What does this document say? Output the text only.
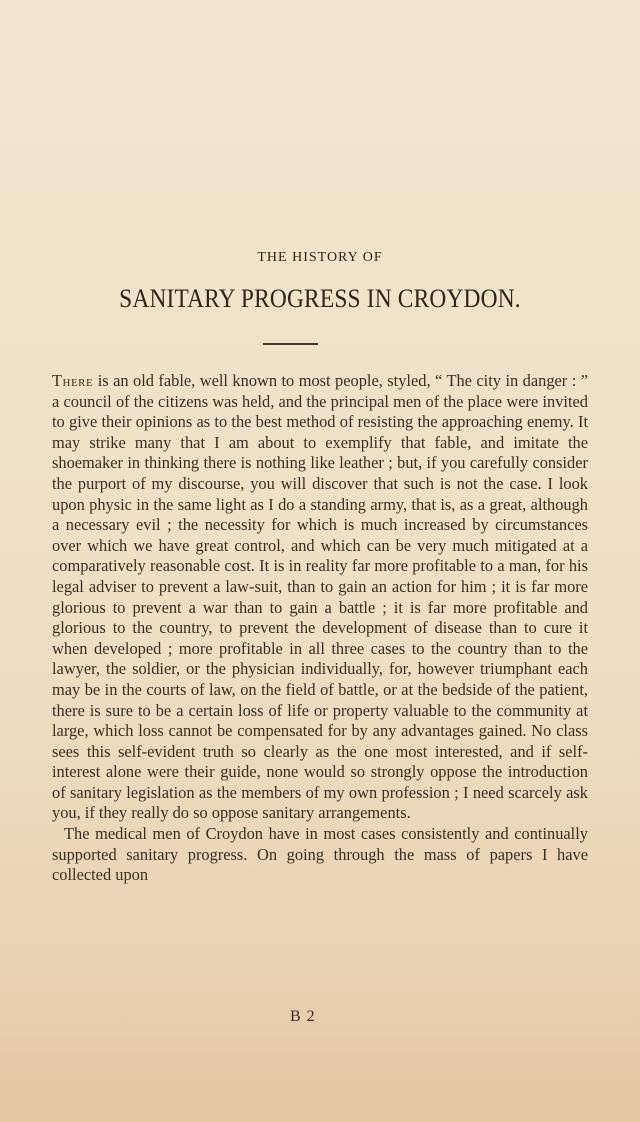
THE HISTORY OF
SANITARY PROGRESS IN CROYDON.

There is an old fable, well known to most people, styled, “ The city in danger : ” a council of the citizens was held, and the principal men of the place were invited to give their opinions as to the best method of resisting the approaching enemy. It may strike many that I am about to exemplify that fable, and imitate the shoemaker in thinking there is nothing like leather ; but, if you carefully consider the purport of my discourse, you will discover that such is not the case. I look upon physic in the same light as I do a standing army, that is, as a great, although a necessary evil ; the necessity for which is much increased by circumstances over which we have great control, and which can be very much mitigated at a comparatively reasonable cost. It is in reality far more profitable to a man, for his legal adviser to prevent a law-suit, than to gain an action for him ; it is far more glorious to prevent a war than to gain a battle ; it is far more profitable and glorious to the country, to prevent the development of disease than to cure it when developed ; more profitable in all three cases to the country than to the lawyer, the soldier, or the physician individually, for, however triumphant each may be in the courts of law, on the field of battle, or at the bedside of the patient, there is sure to be a certain loss of life or property valuable to the community at large, which loss cannot be compensated for by any advantages gained. No class sees this self-evident truth so clearly as the one most interested, and if self-interest alone were their guide, none would so strongly oppose the introduction of sanitary legislation as the members of my own profession ; I need scarcely ask you, if they really do so oppose sanitary arrangements.

The medical men of Croydon have in most cases consistently and continually supported sanitary progress. On going through the mass of papers I have collected upon

B 2
